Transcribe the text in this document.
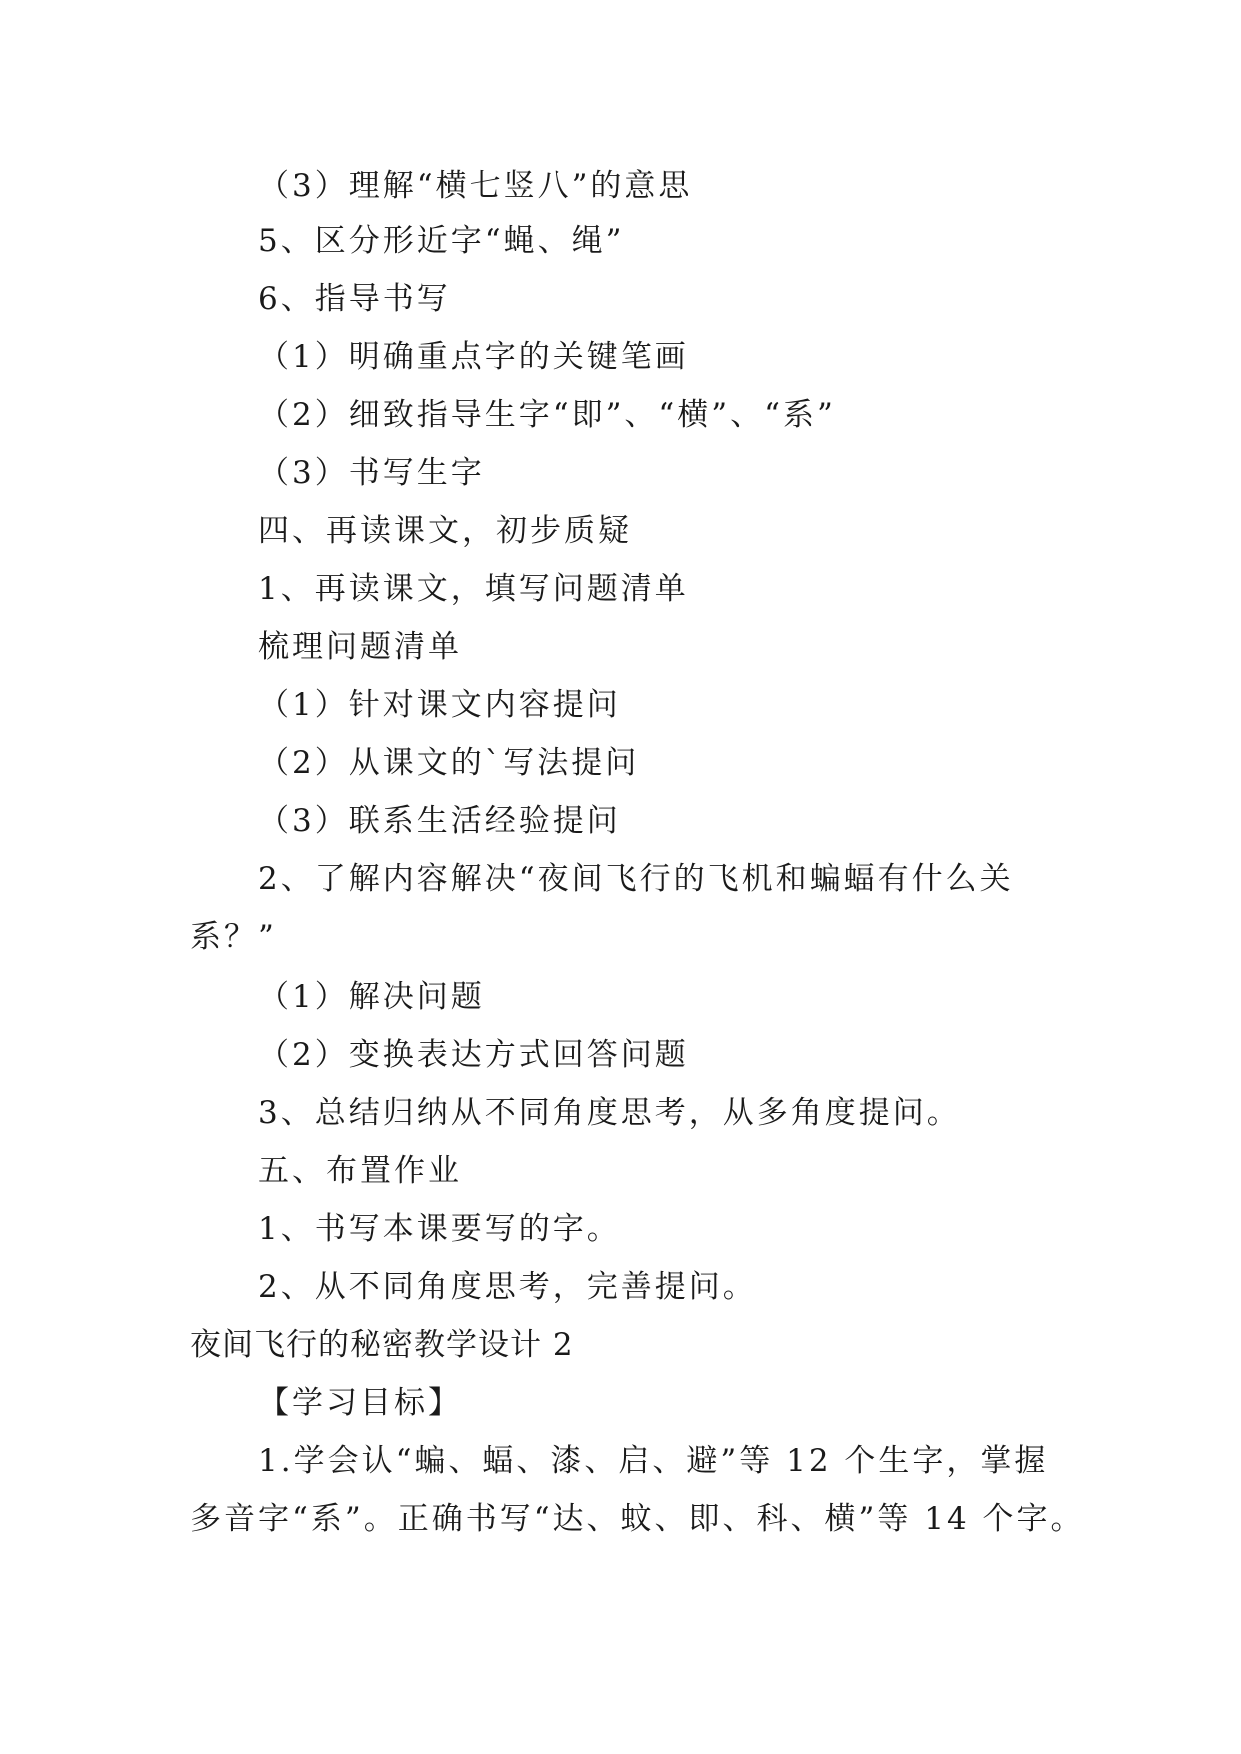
（3）理解“横七竖八”的意思
5、区分形近字“蝇、绳”
6、指导书写
（1）明确重点字的关键笔画
（2）细致指导生字“即”、“横”、“系”
（3）书写生字
四、再读课文，初步质疑
1、再读课文，填写问题清单
梳理问题清单
（1）针对课文内容提问
（2）从课文的`写法提问
（3）联系生活经验提问
2、了解内容解决“夜间飞行的飞机和蝙蝠有什么关
系？”
（1）解决问题
（2）变换表达方式回答问题
3、总结归纳从不同角度思考，从多角度提问。
五、布置作业
1、书写本课要写的字。
2、从不同角度思考，完善提问。
夜间飞行的秘密教学设计 2
【学习目标】
1.学会认“蝙、蝠、漆、启、避”等 12 个生字，掌握
多音字“系”。正确书写“达、蚊、即、科、横”等 14 个字。
